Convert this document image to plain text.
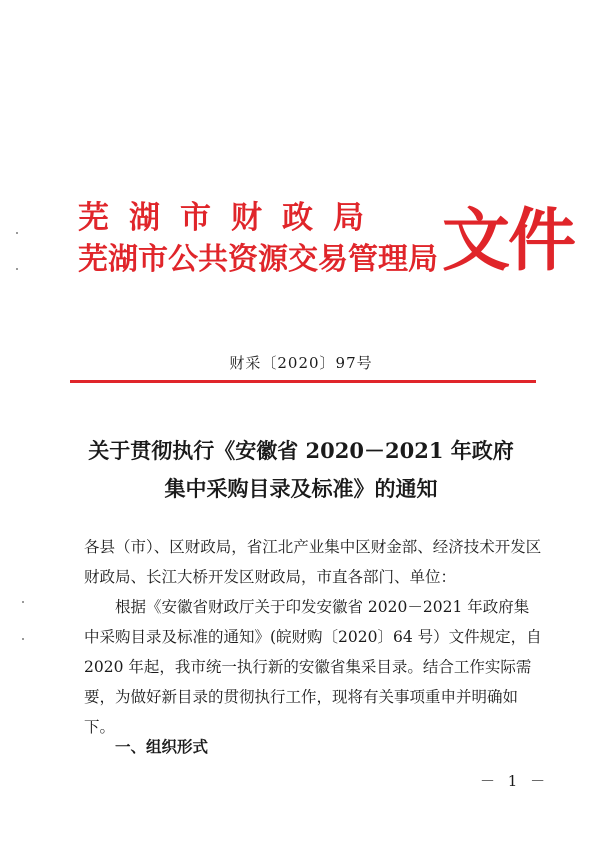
芜湖市财政局
芜湖市公共资源交易管理局 文件
财采〔2020〕97号
关于贯彻执行《安徽省 2020－2021 年政府
集中采购目录及标准》的通知
各县（市）、区财政局，省江北产业集中区财金部、经济技术开发区财政局、长江大桥开发区财政局，市直各部门、单位：
根据《安徽省财政厅关于印发安徽省 2020－2021 年政府集中采购目录及标准的通知》(皖财购〔2020〕64 号）文件规定，自 2020 年起，我市统一执行新的安徽省集采目录。结合工作实际需要，为做好新目录的贯彻执行工作，现将有关事项重申并明确如下。
一、组织形式
－ 1 －
